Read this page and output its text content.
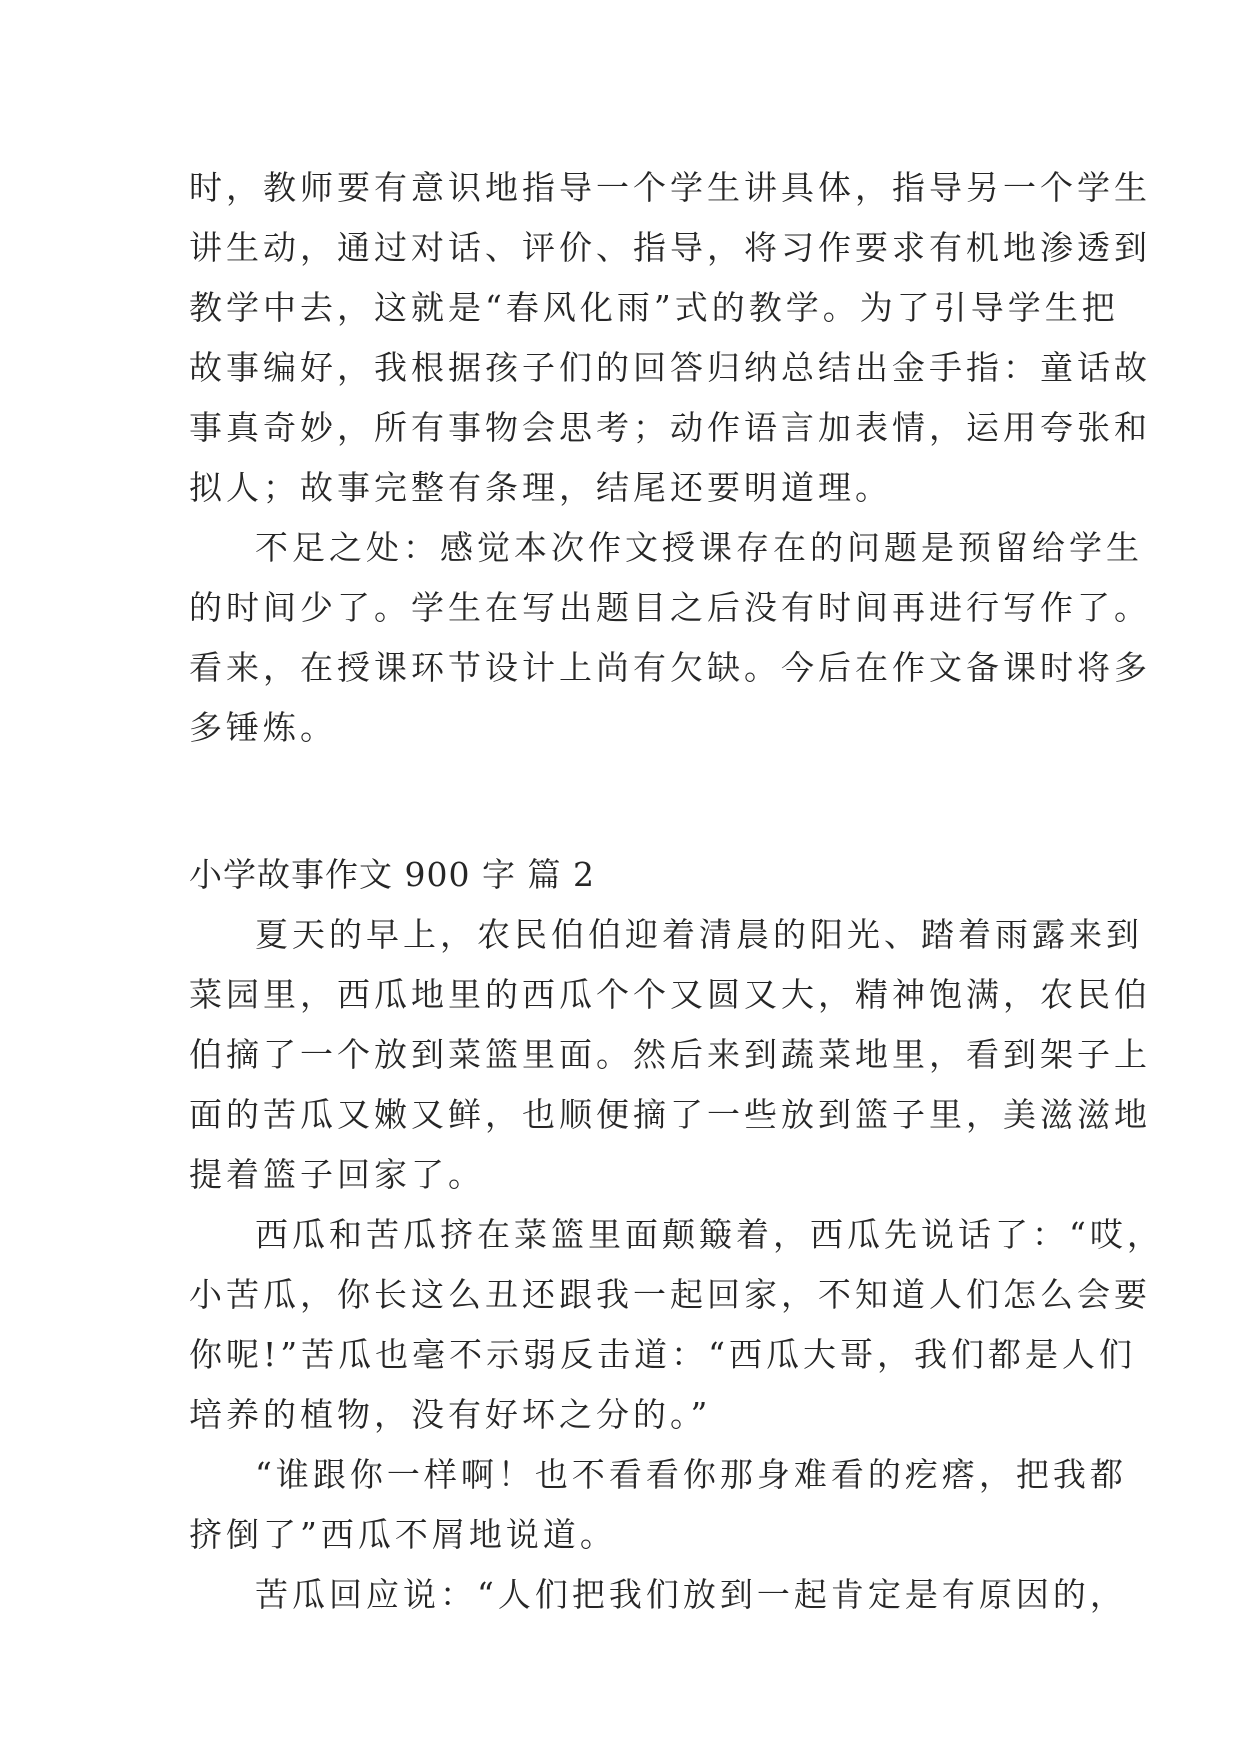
时，教师要有意识地指导一个学生讲具体，指导另一个学生
讲生动，通过对话、评价、指导，将习作要求有机地渗透到
教学中去，这就是“春风化雨”式的教学。为了引导学生把
故事编好，我根据孩子们的回答归纳总结出金手指：童话故
事真奇妙，所有事物会思考；动作语言加表情，运用夸张和
拟人；故事完整有条理，结尾还要明道理。
不足之处：感觉本次作文授课存在的问题是预留给学生
的时间少了。学生在写出题目之后没有时间再进行写作了。
看来，在授课环节设计上尚有欠缺。今后在作文备课时将多
多锤炼。
小学故事作文 900 字 篇 2
夏天的早上，农民伯伯迎着清晨的阳光、踏着雨露来到
菜园里，西瓜地里的西瓜个个又圆又大，精神饱满，农民伯
伯摘了一个放到菜篮里面。然后来到蔬菜地里，看到架子上
面的苦瓜又嫩又鲜，也顺便摘了一些放到篮子里，美滋滋地
提着篮子回家了。
西瓜和苦瓜挤在菜篮里面颠簸着，西瓜先说话了：“哎，
小苦瓜，你长这么丑还跟我一起回家，不知道人们怎么会要
你呢!”苦瓜也毫不示弱反击道：“西瓜大哥，我们都是人们
培养的植物，没有好坏之分的。”
“谁跟你一样啊！也不看看你那身难看的疙瘩，把我都
挤倒了”西瓜不屑地说道。
苦瓜回应说：“人们把我们放到一起肯定是有原因的，
